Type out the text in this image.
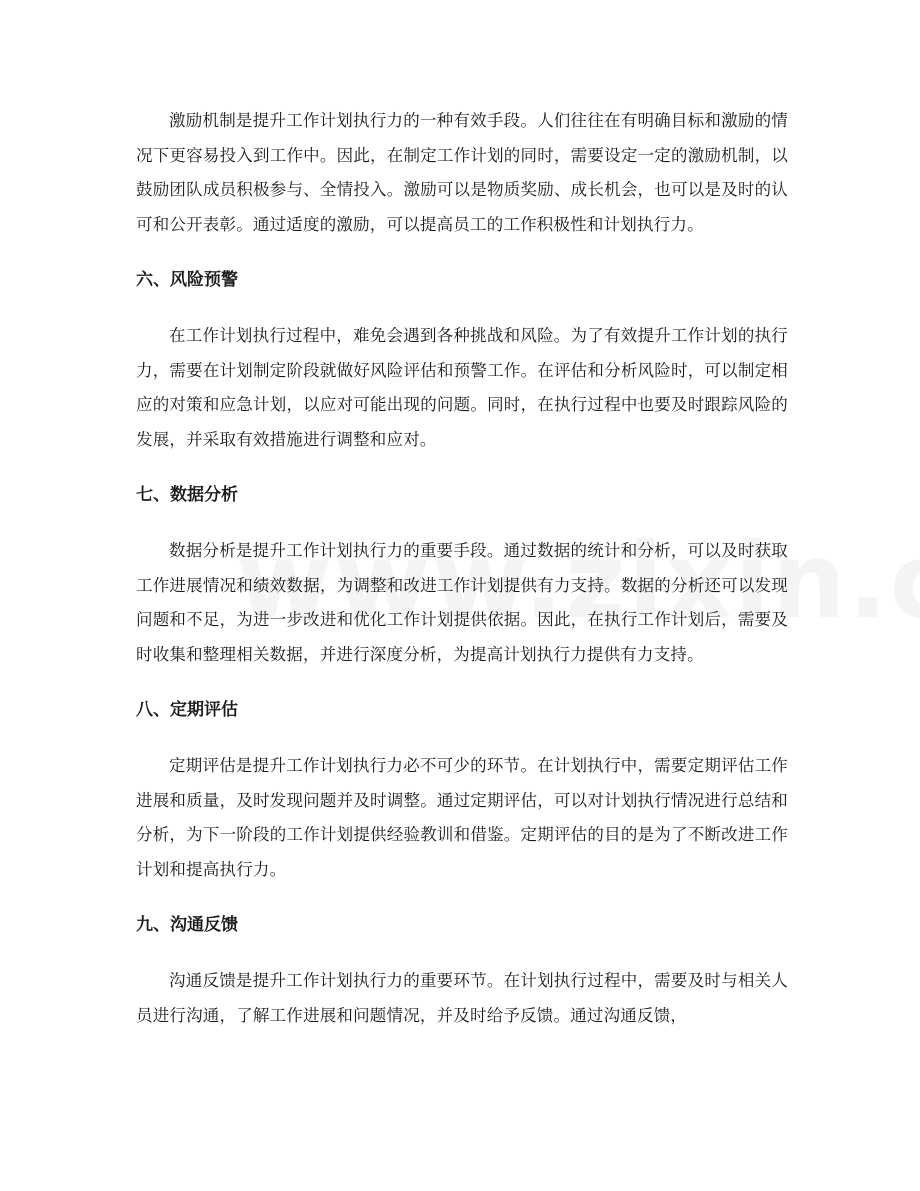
激励机制是提升工作计划执行力的一种有效手段。人们往往在有明确目标和激励的情况下更容易投入到工作中。因此，在制定工作计划的同时，需要设定一定的激励机制，以鼓励团队成员积极参与、全情投入。激励可以是物质奖励、成长机会，也可以是及时的认可和公开表彰。通过适度的激励，可以提高员工的工作积极性和计划执行力。

六、风险预警

在工作计划执行过程中，难免会遇到各种挑战和风险。为了有效提升工作计划的执行力，需要在计划制定阶段就做好风险评估和预警工作。在评估和分析风险时，可以制定相应的对策和应急计划，以应对可能出现的问题。同时，在执行过程中也要及时跟踪风险的发展，并采取有效措施进行调整和应对。

七、数据分析

数据分析是提升工作计划执行力的重要手段。通过数据的统计和分析，可以及时获取工作进展情况和绩效数据，为调整和改进工作计划提供有力支持。数据的分析还可以发现问题和不足，为进一步改进和优化工作计划提供依据。因此，在执行工作计划后，需要及时收集和整理相关数据，并进行深度分析，为提高计划执行力提供有力支持。

八、定期评估

定期评估是提升工作计划执行力必不可少的环节。在计划执行中，需要定期评估工作进展和质量，及时发现问题并及时调整。通过定期评估，可以对计划执行情况进行总结和分析，为下一阶段的工作计划提供经验教训和借鉴。定期评估的目的是为了不断改进工作计划和提高执行力。

九、沟通反馈

沟通反馈是提升工作计划执行力的重要环节。在计划执行过程中，需要及时与相关人员进行沟通，了解工作进展和问题情况，并及时给予反馈。通过沟通反馈，
